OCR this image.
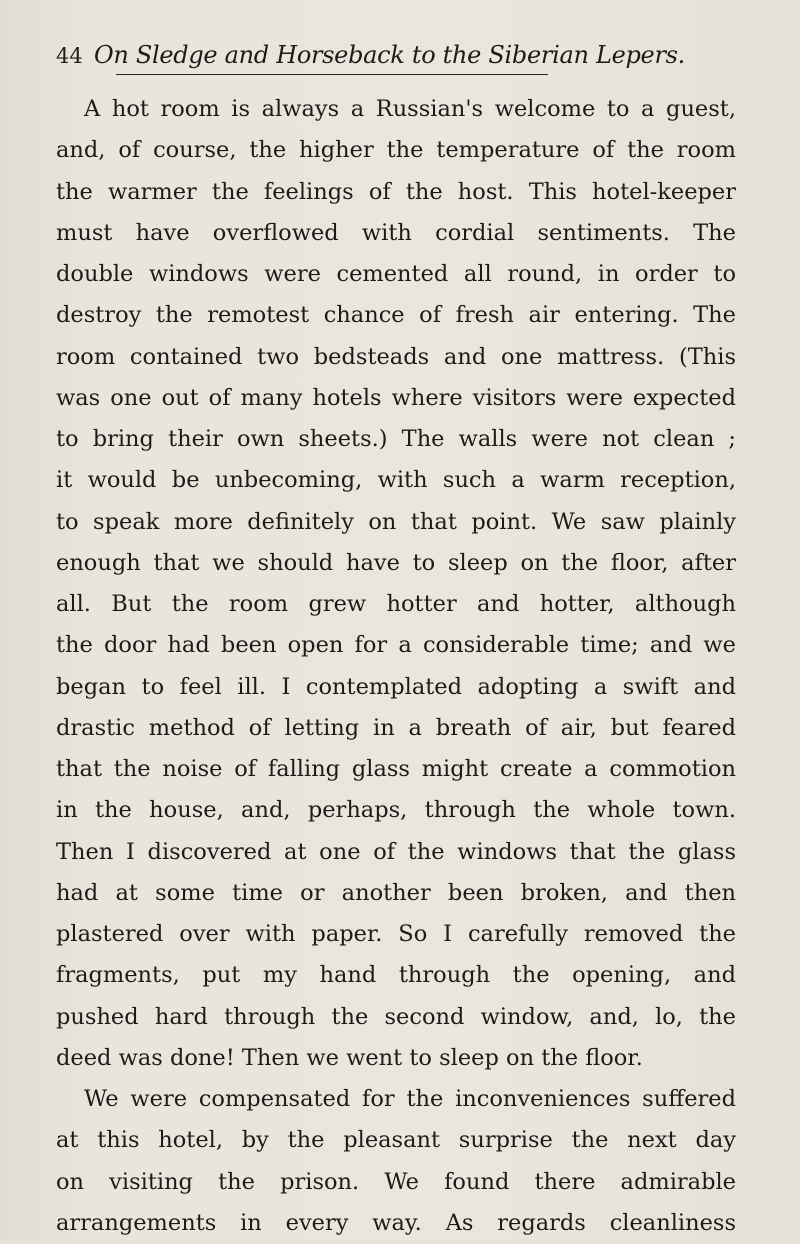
44 On Sledge and Horseback to the Siberian Lepers.
A hot room is always a Russian's welcome to a guest,
and, of course, the higher the temperature of the room
the warmer the feelings of the host. This hotel-keeper
must have overflowed with cordial sentiments. The
double windows were cemented all round, in order to
destroy the remotest chance of fresh air entering. The
room contained two bedsteads and one mattress. (This
was one out of many hotels where visitors were expected
to bring their own sheets.) The walls were not clean ;
it would be unbecoming, with such a warm reception,
to speak more definitely on that point. We saw plainly
enough that we should have to sleep on the floor, after
all. But the room grew hotter and hotter, although
the door had been open for a considerable time; and we
began to feel ill. I contemplated adopting a swift and
drastic method of letting in a breath of air, but feared
that the noise of falling glass might create a commotion
in the house, and, perhaps, through the whole town.
Then I discovered at one of the windows that the glass
had at some time or another been broken, and then
plastered over with paper. So I carefully removed the
fragments, put my hand through the opening, and
pushed hard through the second window, and, lo, the
deed was done! Then we went to sleep on the floor.
We were compensated for the inconveniences suffered
at this hotel, by the pleasant surprise the next day
on visiting the prison. We found there admirable
arrangements in every way. As regards cleanliness
